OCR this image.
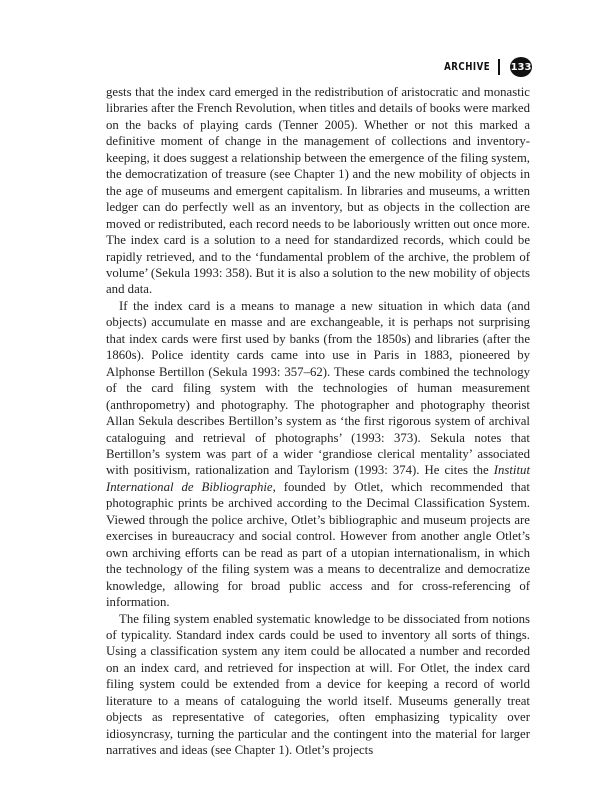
ARCHIVE 133

gests that the index card emerged in the redistribution of aristocratic and monastic libraries after the French Revolution, when titles and details of books were marked on the backs of playing cards (Tenner 2005). Whether or not this marked a definitive moment of change in the management of collections and inventory-keeping, it does suggest a relationship between the emergence of the filing system, the democratization of treasure (see Chapter 1) and the new mobility of objects in the age of museums and emergent capitalism. In libraries and museums, a written ledger can do perfectly well as an inventory, but as objects in the collection are moved or redistributed, each record needs to be laboriously written out once more. The index card is a solution to a need for standardized records, which could be rapidly retrieved, and to the ‘fundamental problem of the archive, the problem of volume’ (Sekula 1993: 358). But it is also a solution to the new mobility of objects and data.

If the index card is a means to manage a new situation in which data (and objects) accumulate en masse and are exchangeable, it is perhaps not surprising that index cards were first used by banks (from the 1850s) and libraries (after the 1860s). Police identity cards came into use in Paris in 1883, pioneered by Alphonse Bertillon (Sekula 1993: 357–62). These cards combined the technology of the card filing system with the technologies of human measurement (anthropometry) and photography. The photographer and photography theorist Allan Sekula describes Bertillon’s system as ‘the first rigorous system of archival cataloguing and retrieval of photographs’ (1993: 373). Sekula notes that Bertillon’s system was part of a wider ‘grandiose clerical mentality’ associated with positivism, rationalization and Taylorism (1993: 374). He cites the Institut International de Bibliographie, founded by Otlet, which recommended that photographic prints be archived according to the Decimal Classification System. Viewed through the police archive, Otlet’s bibliographic and museum projects are exercises in bureaucracy and social control. However from another angle Otlet’s own archiving efforts can be read as part of a utopian internationalism, in which the technology of the filing system was a means to decentralize and democratize knowledge, allowing for broad public access and for cross-referencing of information.

The filing system enabled systematic knowledge to be dissociated from notions of typicality. Standard index cards could be used to inventory all sorts of things. Using a classification system any item could be allocated a number and recorded on an index card, and retrieved for inspection at will. For Otlet, the index card filing system could be extended from a device for keeping a record of world literature to a means of cataloguing the world itself. Museums generally treat objects as representative of categories, often emphasizing typicality over idiosyncrasy, turning the particular and the contingent into the material for larger narratives and ideas (see Chapter 1). Otlet’s projects
